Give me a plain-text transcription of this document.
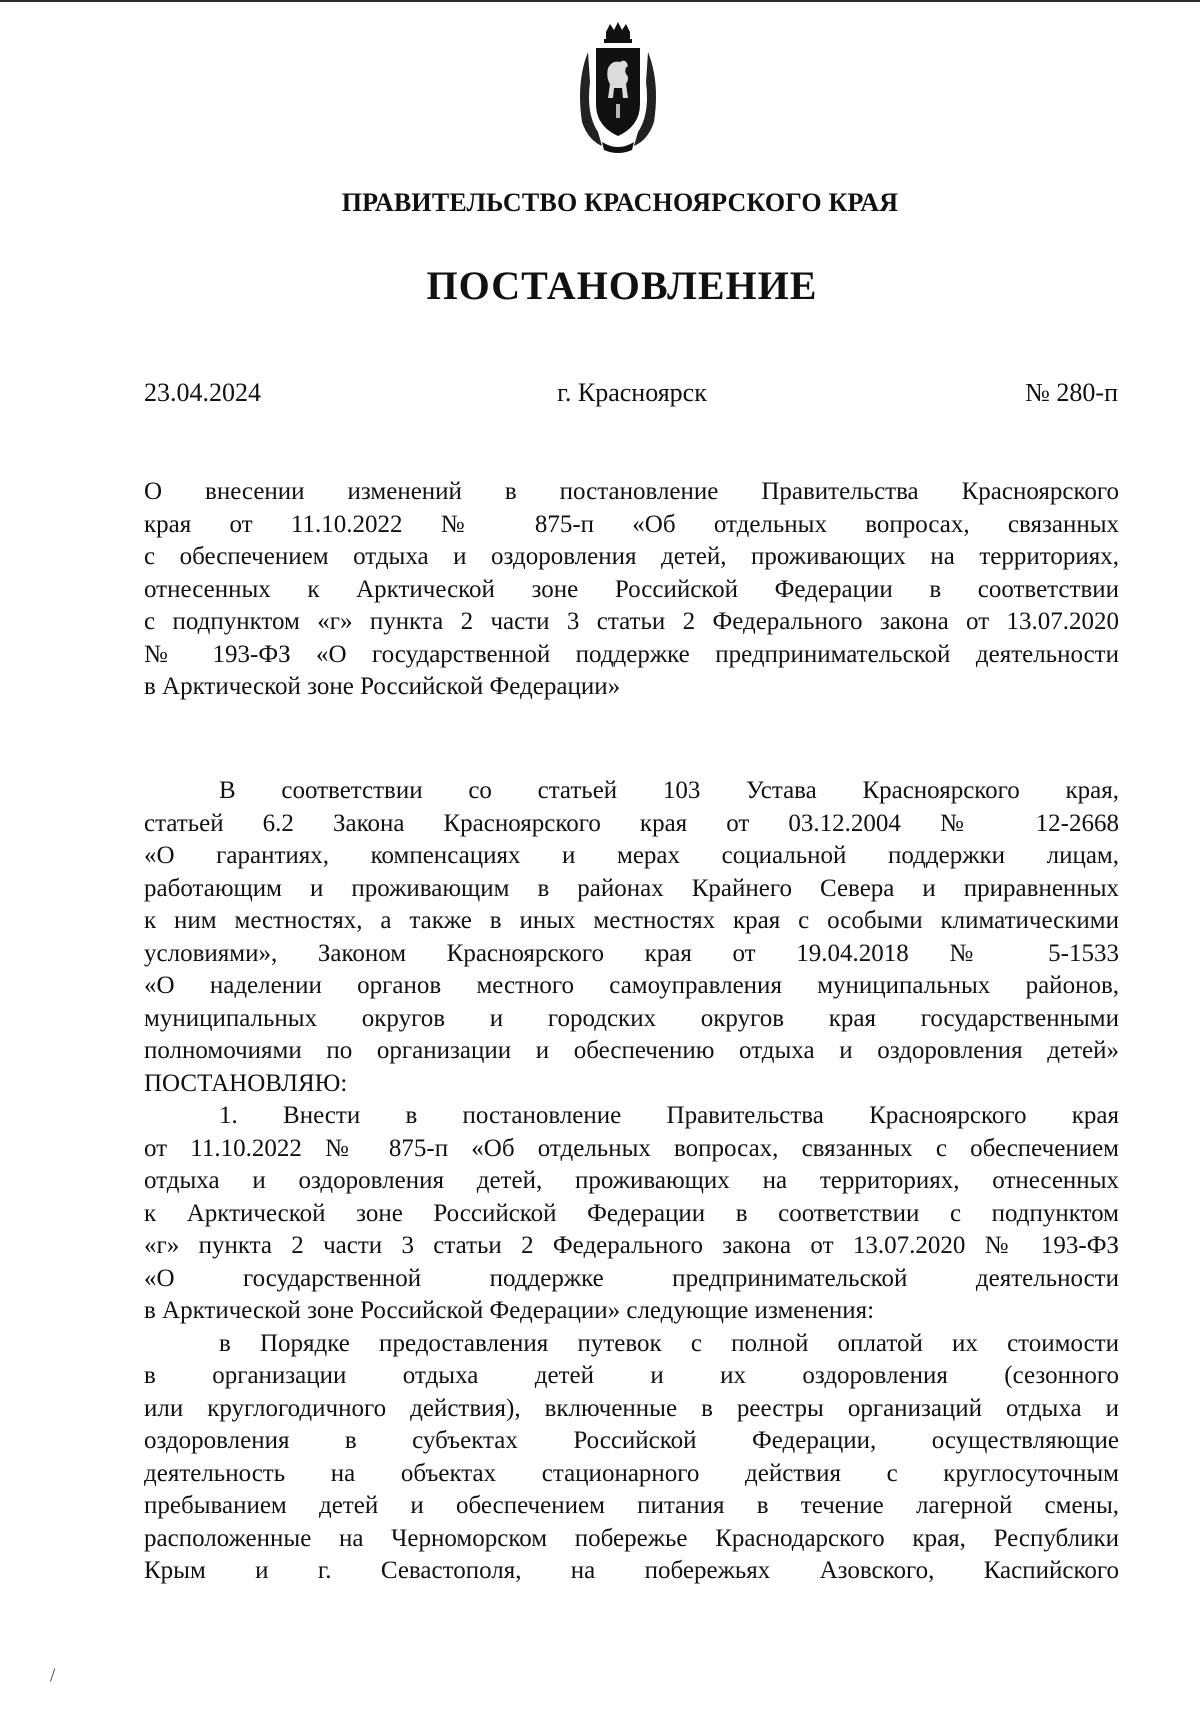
ПРАВИТЕЛЬСТВО КРАСНОЯРСКОГО КРАЯ
ПОСТАНОВЛЕНИЕ
23.04.2024	г. Красноярск	№ 280-п
О внесении изменений в постановление Правительства Красноярского
края от 11.10.2022 № 875-п «Об отдельных вопросах, связанных
с обеспечением отдыха и оздоровления детей, проживающих на территориях,
отнесенных к Арктической зоне Российской Федерации в соответствии
с подпунктом «г» пункта 2 части 3 статьи 2 Федерального закона от 13.07.2020
№ 193-ФЗ «О государственной поддержке предпринимательской деятельности
в Арктической зоне Российской Федерации»
В соответствии со статьей 103 Устава Красноярского края,
статьей 6.2 Закона Красноярского края от 03.12.2004 № 12-2668
«О гарантиях, компенсациях и мерах социальной поддержки лицам,
работающим и проживающим в районах Крайнего Севера и приравненных
к ним местностях, а также в иных местностях края с особыми климатическими
условиями», Законом Красноярского края от 19.04.2018 № 5-1533
«О наделении органов местного самоуправления муниципальных районов,
муниципальных округов и городских округов края государственными
полномочиями по организации и обеспечению отдыха и оздоровления детей»
ПОСТАНОВЛЯЮ:
1. Внести в постановление Правительства Красноярского края
от 11.10.2022 № 875-п «Об отдельных вопросах, связанных с обеспечением
отдыха и оздоровления детей, проживающих на территориях, отнесенных
к Арктической зоне Российской Федерации в соответствии с подпунктом
«г» пункта 2 части 3 статьи 2 Федерального закона от 13.07.2020 № 193-ФЗ
«О государственной поддержке предпринимательской деятельности
в Арктической зоне Российской Федерации» следующие изменения:
в Порядке предоставления путевок с полной оплатой их стоимости
в организации отдыха детей и их оздоровления (сезонного
или круглогодичного действия), включенные в реестры организаций отдыха и
оздоровления в субъектах Российской Федерации, осуществляющие
деятельность на объектах стационарного действия с круглосуточным
пребыванием детей и обеспечением питания в течение лагерной смены,
расположенные на Черноморском побережье Краснодарского края, Республики
Крым и г. Севастополя, на побережьях Азовского, Каспийского
